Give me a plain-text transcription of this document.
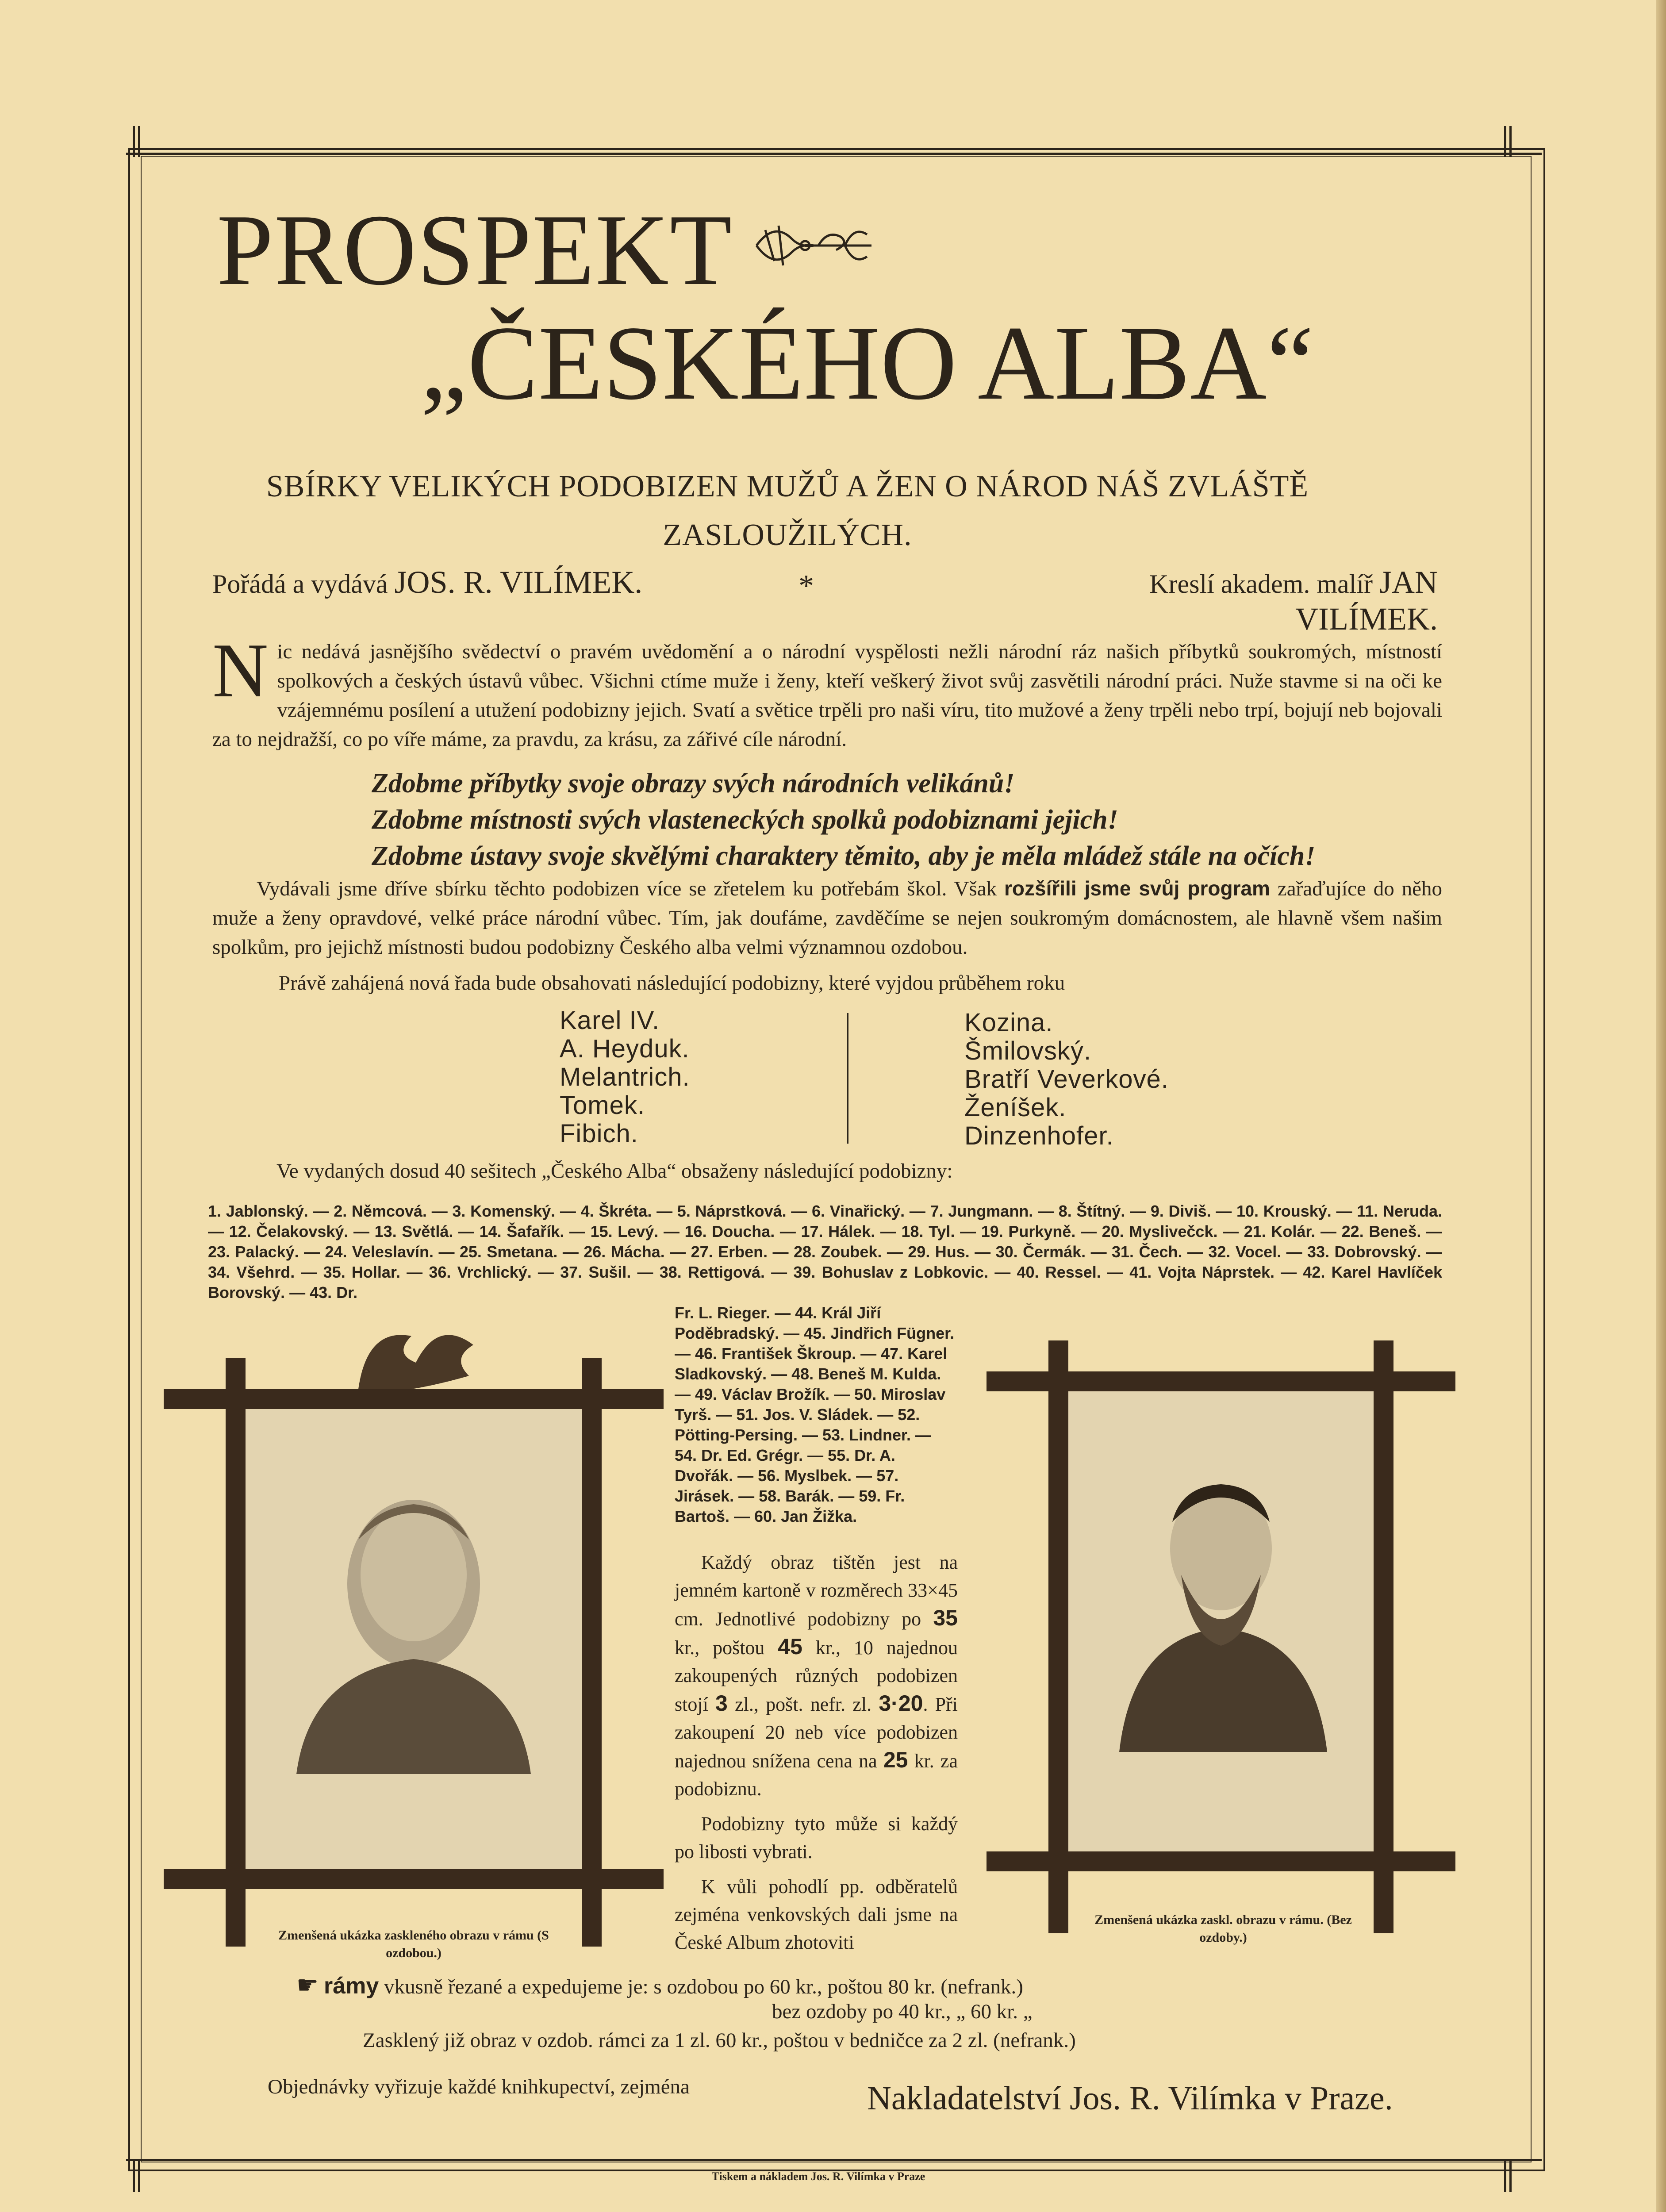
PROSPEKT
„ČESKÉHO ALBA“
SBÍRKY VELIKÝCH PODOBIZEN MUŽŮ A ŽEN O NÁROD NÁŠ ZVLÁŠTĚ ZASLOUŽILÝCH.
Pořádá a vydává JOS. R. VILÍMEK.	*	Kreslí akadem. malíř JAN VILÍMEK.
N ic nedává jasnějšího svědectví o pravém uvědomění a o národní vyspělosti nežli národní ráz našich příbytků soukromých, místností spolkových a českých ústavů vůbec. Všichni ctíme muže i ženy, kteří veškerý život svůj zasvětili národní práci. Nuže stavme si na oči ke vzájemnému posílení a utužení podobizny jejich. Svatí a světice trpěli pro naši víru, tito mužové a ženy trpěli nebo trpí, bojují neb bojovali za to nejdražší, co po víře máme, za pravdu, za krásu, za zářivé cíle národní.
Zdobme příbytky svoje obrazy svých národních velikánů!
Zdobme místnosti svých vlasteneckých spolků podobiznami jejich!
Zdobme ústavy svoje skvělými charaktery těmito, aby je měla mládež stále na očích!
Vydávali jsme dříve sbírku těchto podobizen více se zřetelem ku potřebám škol. Však rozšířili jsme svůj program zařaďujíce do něho muže a ženy opravdové, velké práce národní vůbec. Tím, jak doufáme, zavděčíme se nejen soukromým domácnostem, ale hlavně všem našim spolkům, pro jejichž místnosti budou podobizny Českého alba velmi významnou ozdobou.
Právě zahájená nová řada bude obsahovati následující podobizny, které vyjdou průběhem roku
Karel IV.
A. Heyduk.
Melantrich.
Tomek.
Fibich.
Kozina.
Šmilovský.
Bratří Veverkové.
Ženíšek.
Dinzenhofer.
Ve vydaných dosud 40 sešitech „Českého Alba“ obsaženy následující podobizny:
1. Jablonský. — 2. Němcová. — 3. Komenský. — 4. Škréta. — 5. Náprstková. — 6. Vinařický. — 7. Jungmann. — 8. Štítný. — 9. Diviš. — 10. Krouský. — 11. Neruda. — 12. Čelakovský. — 13. Světlá. — 14. Šafařík. — 15. Levý. — 16. Doucha. — 17. Hálek. — 18. Tyl. — 19. Purkyně. — 20. Myslivečck. — 21. Kolár. — 22. Beneš. — 23. Palacký. — 24. Veleslavín. — 25. Smetana. — 26. Mácha. — 27. Erben. — 28. Zoubek. — 29. Hus. — 30. Čermák. — 31. Čech. — 32. Vocel. — 33. Dobrovský. — 34. Všehrd. — 35. Hollar. — 36. Vrchlický. — 37. Sušil. — 38. Rettigová. — 39. Bohuslav z Lobkovic. — 40. Ressel. — 41. Vojta Náprstek. — 42. Karel Havlíček Borovský. — 43. Dr.
Fr. L. Rieger. — 44. Král Jiří Poděbradský. — 45. Jindřich Fügner. — 46. František Škroup. — 47. Karel Sladkovský. — 48. Beneš M. Kulda. — 49. Václav Brožík. — 50. Miroslav Tyrš. — 51. Jos. V. Sládek. — 52. Pötting-Persing. — 53. Lindner. — 54. Dr. Ed. Grégr. — 55. Dr. A. Dvořák. — 56. Myslbek. — 57. Jirásek. — 58. Barák. — 59. Fr. Bartoš. — 60. Jan Žižka.
Zmenšená ukázka zaskleného obrazu v rámu (S ozdobou.)
Zmenšená ukázka zaskl. obrazu v rámu. (Bez ozdoby.)

Každý obraz tištěn jest na jemném kartoně v rozměrech 33×45 cm. Jednotlivé podobizny po 35 kr., poštou 45 kr., 10 najednou zakoupených různých podobizen stojí 3 zl., pošt. nefr. zl. 3·20. Při zakoupení 20 neb více podobizen najednou snížena cena na 25 kr. za podobiznu.

Podobizny tyto může si každý po libosti vybrati.

K vůli pohodlí pp. odběratelů zejména venkovských dali jsme na České Album zhotoviti

☛ rámy vkusně řezané a expedujeme je: s ozdobou po 60 kr., poštou 80 kr. (nefrank.)
bez ozdoby po 40 kr., „ 60 kr. „
Zasklený již obraz v ozdob. rámci za 1 zl. 60 kr., poštou v bedničce za 2 zl. (nefrank.)
Objednávky vyřizuje každé knihkupectví, zejména	Nakladatelství Jos. R. Vilímka v Praze.
Tiskem a nákladem Jos. R. Vilímka v Praze
